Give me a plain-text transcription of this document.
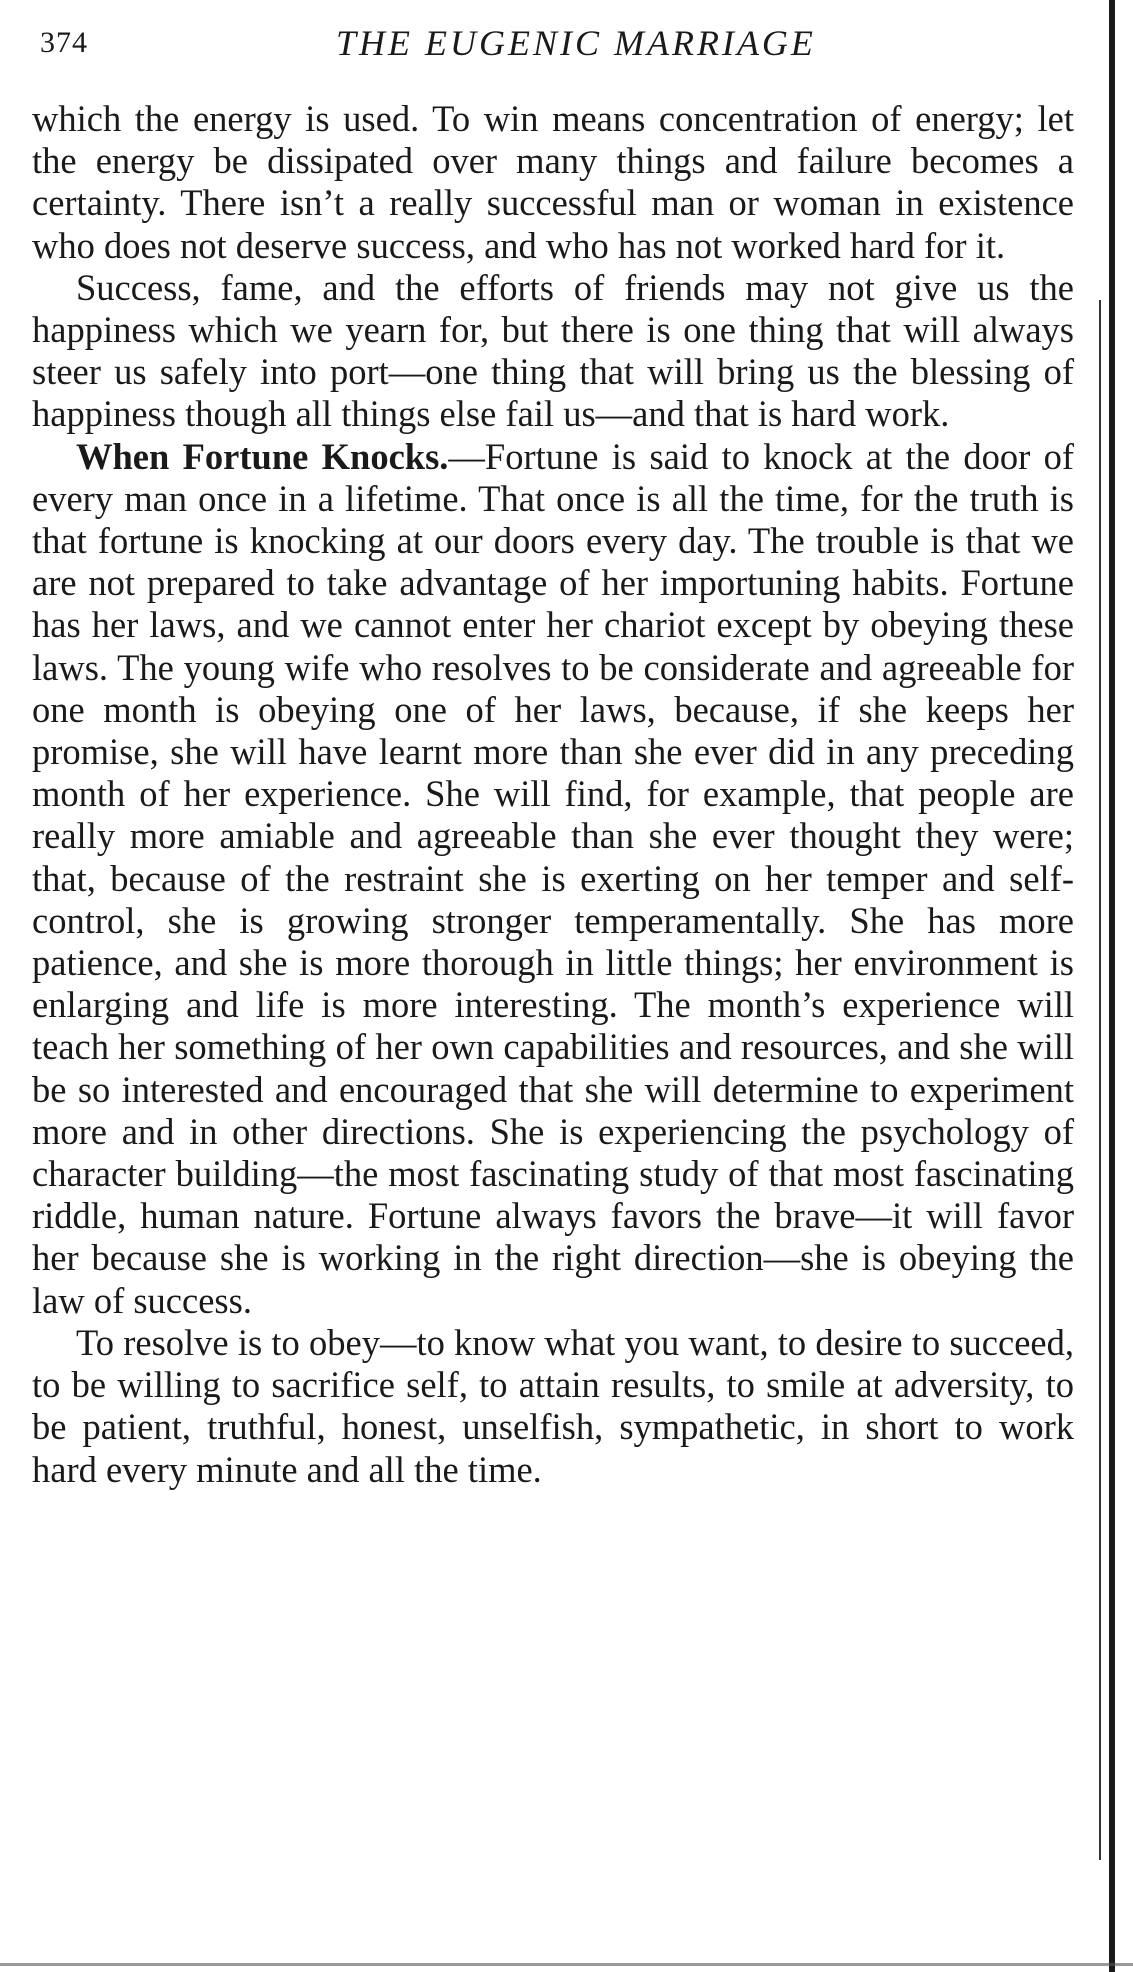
374	THE EUGENIC MARRIAGE

which the energy is used. To win means concentration of energy; let the energy be dissipated over many things and failure becomes a certainty. There isn’t a really successful man or woman in existence who does not deserve success, and who has not worked hard for it.

Success, fame, and the efforts of friends may not give us the happiness which we yearn for, but there is one thing that will always steer us safely into port—one thing that will bring us the blessing of happiness though all things else fail us—and that is hard work.

When Fortune Knocks.—Fortune is said to knock at the door of every man once in a lifetime. That once is all the time, for the truth is that fortune is knocking at our doors every day. The trouble is that we are not prepared to take advantage of her importuning habits. Fortune has her laws, and we cannot enter her chariot except by obeying these laws. The young wife who resolves to be considerate and agreeable for one month is obeying one of her laws, because, if she keeps her promise, she will have learnt more than she ever did in any preceding month of her experience. She will find, for example, that people are really more amiable and agreeable than she ever thought they were; that, because of the restraint she is exerting on her temper and self-control, she is growing stronger temperamentally. She has more patience, and she is more thorough in little things; her environment is enlarging and life is more interesting. The month’s experience will teach her something of her own capabilities and resources, and she will be so interested and encouraged that she will determine to experiment more and in other directions. She is experiencing the psychology of character building—the most fascinating study of that most fascinating riddle, human nature. Fortune always favors the brave—it will favor her because she is working in the right direction—she is obeying the law of success.

To resolve is to obey—to know what you want, to desire to succeed, to be willing to sacrifice self, to attain results, to smile at adversity, to be patient, truthful, honest, unselfish, sympathetic, in short to work hard every minute and all the time.
